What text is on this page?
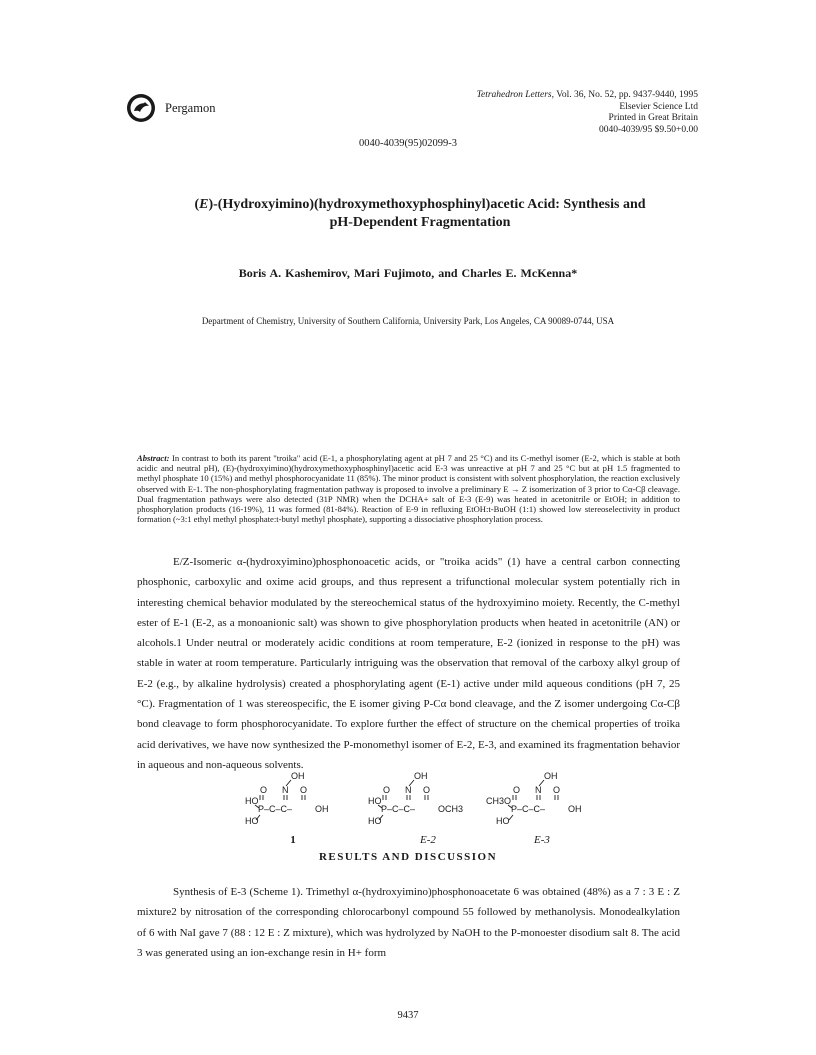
Pergamon
Tetrahedron Letters, Vol. 36, No. 52, pp. 9437-9440, 1995
Elsevier Science Ltd
Printed in Great Britain
0040-4039/95 $9.50+0.00
0040-4039(95)02099-3
(E)-(Hydroxyimino)(hydroxymethoxyphosphinyl)acetic Acid: Synthesis and
pH-Dependent Fragmentation
Boris A. Kashemirov, Mari Fujimoto, and Charles E. McKenna*
Department of Chemistry, University of Southern California, University Park, Los Angeles, CA 90089-0744, USA
Abstract: In contrast to both its parent "troika" acid (E-1, a phosphorylating agent at pH 7 and 25 °C) and its C-methyl isomer (E-2, which is stable at both acidic and neutral pH), (E)-(hydroxyimino)(hydroxymethoxyphosphinyl)acetic acid E-3 was unreactive at pH 7 and 25 °C but at pH 1.5 fragmented to methyl phosphate 10 (15%) and methyl phosphorocyanidate 11 (85%). The minor product is consistent with solvent phosphorylation, the reaction exclusively observed with E-1. The non-phosphorylating fragmentation pathway is proposed to involve a preliminary E → Z isomerization of 3 prior to Cα-Cβ cleavage. Dual fragmentation pathways were also detected (31P NMR) when the DCHA+ salt of E-3 (E-9) was heated in acetonitrile or EtOH; in addition to phosphorylation products (16-19%), 11 was formed (81-84%). Reaction of E-9 in refluxing EtOH:t-BuOH (1:1) showed low stereoselectivity in product formation (~3:1 ethyl methyl phosphate:t-butyl methyl phosphate), supporting a dissociative phosphorylation process.
E/Z-Isomeric α-(hydroxyimino)phosphonoacetic acids, or "troika acids" (1) have a central carbon connecting phosphonic, carboxylic and oxime acid groups, and thus represent a trifunctional molecular system potentially rich in interesting chemical behavior modulated by the stereochemical status of the hydroxyimino moiety. Recently, the C-methyl ester of E-1 (E-2, as a monoanionic salt) was shown to give phosphorylation products when heated in acetonitrile (AN) or alcohols.1 Under neutral or moderately acidic conditions at room temperature, E-2 (ionized in response to the pH) was stable in water at room temperature. Particularly intriguing was the observation that removal of the carboxy alkyl group of E-2 (e.g., by alkaline hydrolysis) created a phosphorylating agent (E-1) active under mild aqueous conditions (pH 7, 25 °C). Fragmentation of 1 was stereospecific, the E isomer giving P-Cα bond cleavage, and the Z isomer undergoing Cα-Cβ bond cleavage to form phosphorocyanidate. To explore further the effect of structure on the chemical properties of troika acid derivatives, we have now synthesized the P-monomethyl isomer of E-2, E-3, and examined its fragmentation behavior in aqueous and non-aqueous solvents.
OH
O N O
HO
P–C–C–	OH
HO
OH
O N O
HO
P–C–C–	OCH3
HO
OH
O N O
CH3O
P–C–C–	OH
HO
1	E-2	E-3
RESULTS AND DISCUSSION
Synthesis of E-3 (Scheme 1). Trimethyl α-(hydroxyimino)phosphonoacetate 6 was obtained (48%) as a 7 : 3 E : Z mixture2 by nitrosation of the corresponding chlorocarbonyl compound 55 followed by methanolysis. Monodealkylation of 6 with NaI gave 7 (88 : 12 E : Z mixture), which was hydrolyzed by NaOH to the P-monoester disodium salt 8. The acid 3 was generated using an ion-exchange resin in H+ form
9437
